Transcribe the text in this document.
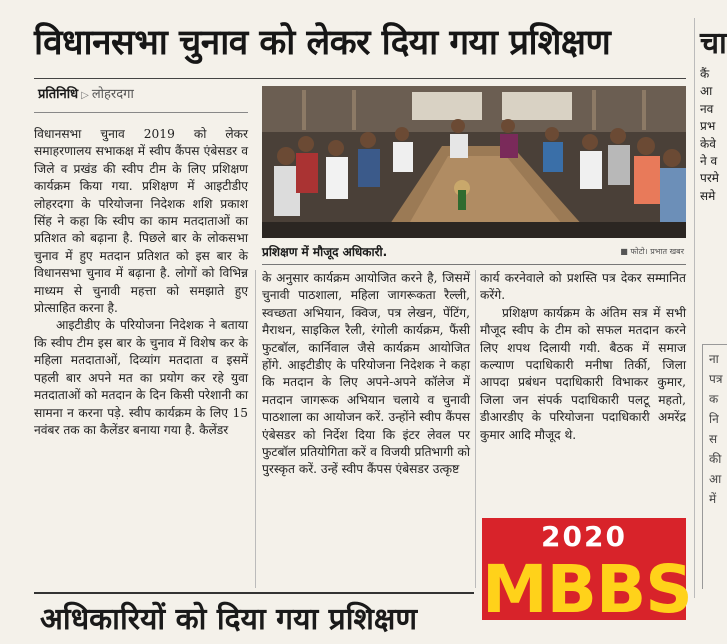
विधानसभा चुनाव को लेकर दिया गया प्रशिक्षण
प्रतिनिधि ▷ लोहरदगा
प्रशिक्षण में मौजूद अधिकारी.	■ फोटो। प्रभात खबर

विधानसभा चुनाव 2019 को लेकर समाहरणालय सभाकक्ष में स्वीप कैंपस एंबेसडर व जिले व प्रखंड की स्वीप टीम के लिए प्रशिक्षण कार्यक्रम किया गया. प्रशिक्षण में आइटीडीए लोहरदगा के परियोजना निदेशक शशि प्रकाश सिंह ने कहा कि स्वीप का काम मतदाताओं का प्रतिशत को बढ़ाना है. पिछले बार के लोकसभा चुनाव में हुए मतदान प्रतिशत को इस बार के विधानसभा चुनाव में बढ़ाना है. लोगों को विभिन्न माध्यम से चुनावी महत्ता को समझाते हुए प्रोत्साहित करना है.

आइटीडीए के परियोजना निदेशक ने बताया कि स्वीप टीम इस बार के चुनाव में विशेष कर के महिला मतदाताओं, दिव्यांग मतदाता व इसमें पहली बार अपने मत का प्रयोग कर रहे युवा मतदाताओं को मतदान के दिन किसी परेशानी का सामना न करना पड़े. स्वीप कार्यक्रम के लिए 15 नवंबर तक का कैलेंडर बनाया गया है. कैलेंडर

के अनुसार कार्यक्रम आयोजित करने है, जिसमें चुनावी पाठशाला, महिला जागरूकता रैल्ली, स्वच्छता अभियान, क्विज, पत्र लेखन, पेंटिंग, मैराथन, साइकिल रैली, रंगोली कार्यक्रम, फैंसी फुटबॉल, कार्निवाल जैसे कार्यक्रम आयोजित होंगे. आइटीडीए के परियोजना निदेशक ने कहा कि मतदान के लिए अपने-अपने कॉलेज में मतदान जागरूक अभियान चलाये व चुनावी पाठशाला का आयोजन करें. उन्होंने स्वीप कैंपस एंबेसडर को निर्देश दिया कि इंटर लेवल पर फुटबॉल प्रतियोगिता करें व विजयी प्रतिभागी को पुरस्कृत करें. उन्हें स्वीप कैंपस एंबेसडर उत्कृष्ट

कार्य करनेवाले को प्रशस्ति पत्र देकर सम्मानित करेंगे.

प्रशिक्षण कार्यक्रम के अंतिम सत्र में सभी मौजूद स्वीप के टीम को सफल मतदान करने लिए शपथ दिलायी गयी. बैठक में समाज कल्याण पदाधिकारी मनीषा तिर्की, जिला आपदा प्रबंधन पदाधिकारी विभाकर कुमार, जिला जन संपर्क पदाधिकारी पलटू महतो, डीआरडीए के परियोजना पदाधिकारी अमरेंद्र कुमार आदि मौजूद थे.

2020
MBBS
अधिकारियों को दिया गया प्रशिक्षण
चा
कैं
आ
नव
प्रभ
केवे
ने व
परमे
समे
ना
पत्र
क
नि
स
की
आ
में
